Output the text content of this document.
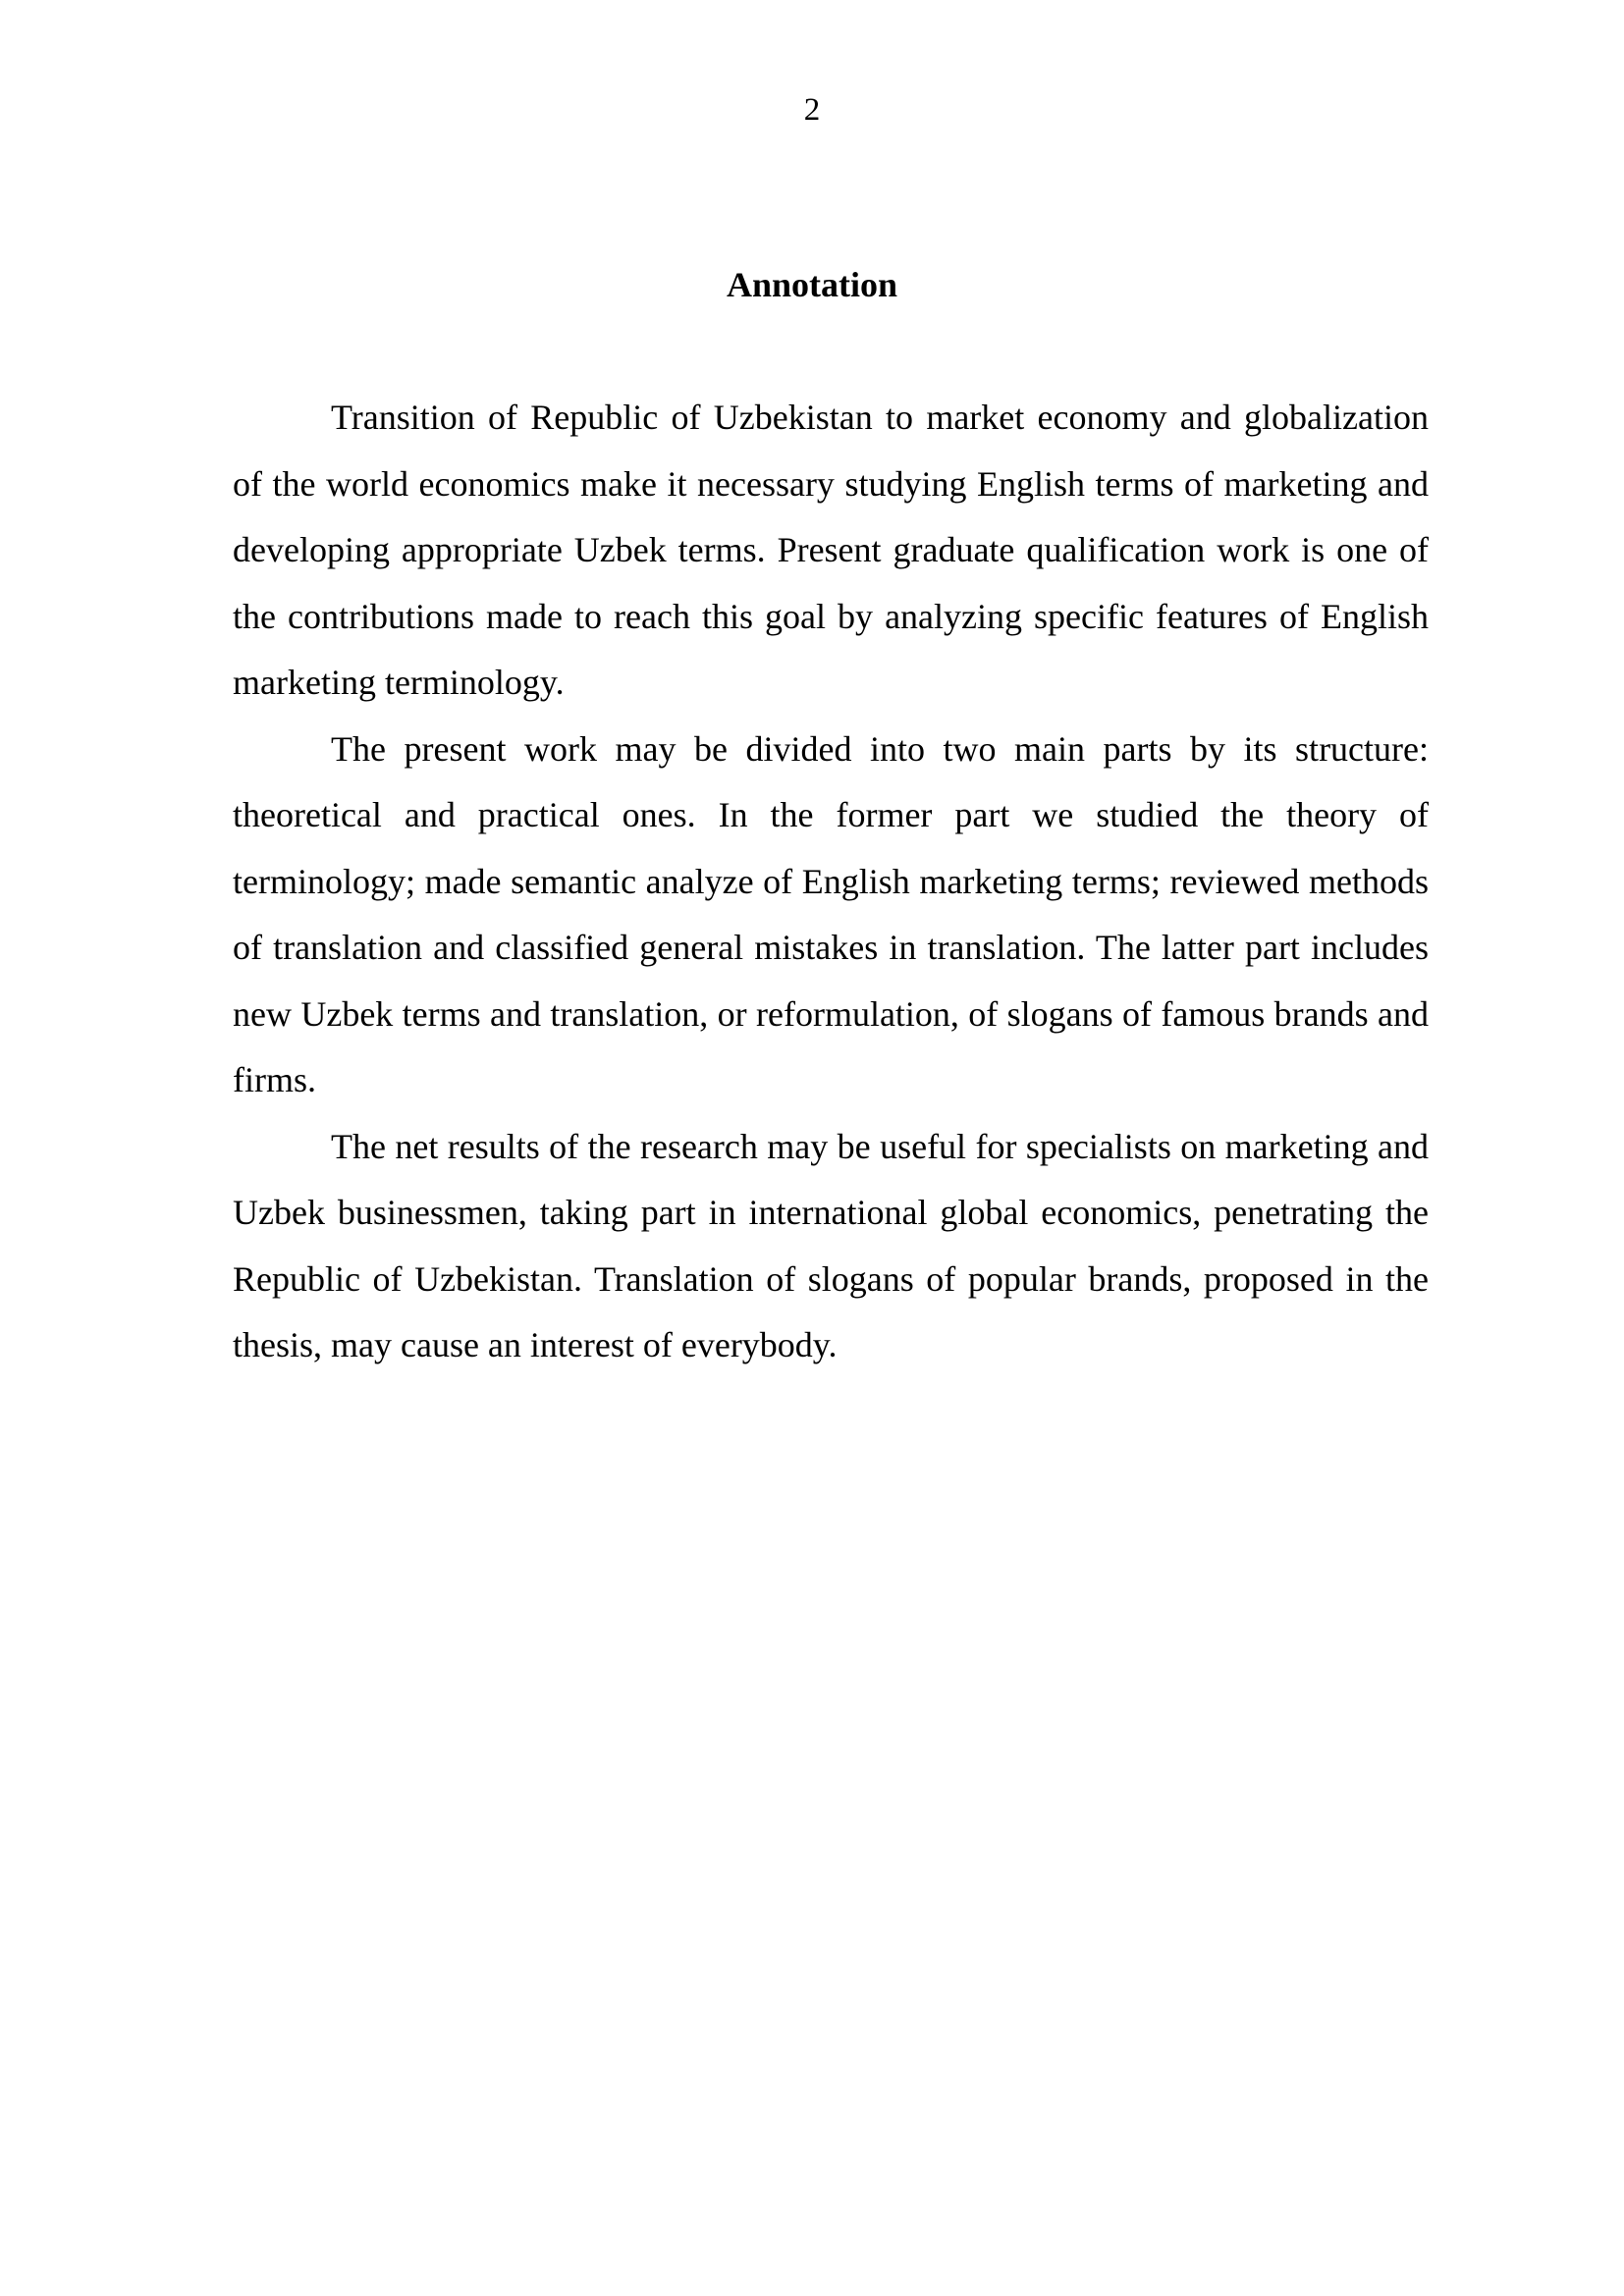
2
Annotation

Transition of Republic of Uzbekistan to market economy and globalization of the world economics make it necessary studying English terms of marketing and developing appropriate Uzbek terms. Present graduate qualification work is one of the contributions made to reach this goal by analyzing specific features of English marketing terminology.

The present work may be divided into two main parts by its structure: theoretical and practical ones. In the former part we studied the theory of terminology; made semantic analyze of English marketing terms; reviewed methods of translation and classified general mistakes in translation. The latter part includes new Uzbek terms and translation, or reformulation, of slogans of famous brands and firms.

The net results of the research may be useful for specialists on marketing and Uzbek businessmen, taking part in international global economics, penetrating the Republic of Uzbekistan. Translation of slogans of popular brands, proposed in the thesis, may cause an interest of everybody.
